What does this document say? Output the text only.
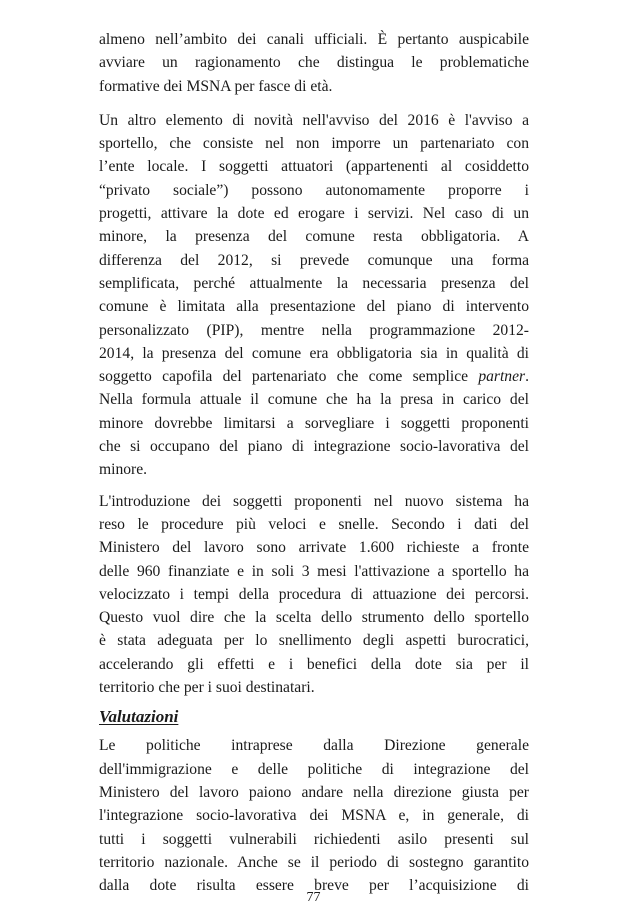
almeno nell’ambito dei canali ufficiali. È pertanto auspicabile
avviare un ragionamento che distingua le problematiche
formative dei MSNA per fasce di età.

Un altro elemento di novità nell'avviso del 2016 è l'avviso a
sportello, che consiste nel non imporre un partenariato con
l’ente locale. I soggetti attuatori (appartenenti al cosiddetto
“privato sociale”) possono autonomamente proporre i
progetti, attivare la dote ed erogare i servizi. Nel caso di un
minore, la presenza del comune resta obbligatoria. A
differenza del 2012, si prevede comunque una forma
semplificata, perché attualmente la necessaria presenza del
comune è limitata alla presentazione del piano di intervento
personalizzato (PIP), mentre nella programmazione 2012-
2014, la presenza del comune era obbligatoria sia in qualità di
soggetto capofila del partenariato che come semplice partner.
Nella formula attuale il comune che ha la presa in carico del
minore dovrebbe limitarsi a sorvegliare i soggetti proponenti
che si occupano del piano di integrazione socio-lavorativa del
minore.

L'introduzione dei soggetti proponenti nel nuovo sistema ha
reso le procedure più veloci e snelle. Secondo i dati del
Ministero del lavoro sono arrivate 1.600 richieste a fronte
delle 960 finanziate e in soli 3 mesi l'attivazione a sportello ha
velocizzato i tempi della procedura di attuazione dei percorsi.
Questo vuol dire che la scelta dello strumento dello sportello
è stata adeguata per lo snellimento degli aspetti burocratici,
accelerando gli effetti e i benefici della dote sia per il
territorio che per i suoi destinatari.

Valutazioni

Le politiche intraprese dalla Direzione generale
dell'immigrazione e delle politiche di integrazione del
Ministero del lavoro paiono andare nella direzione giusta per
l'integrazione socio-lavorativa dei MSNA e, in generale, di
tutti i soggetti vulnerabili richiedenti asilo presenti sul
territorio nazionale. Anche se il periodo di sostegno garantito
dalla dote risulta essere breve per l’acquisizione di

77
